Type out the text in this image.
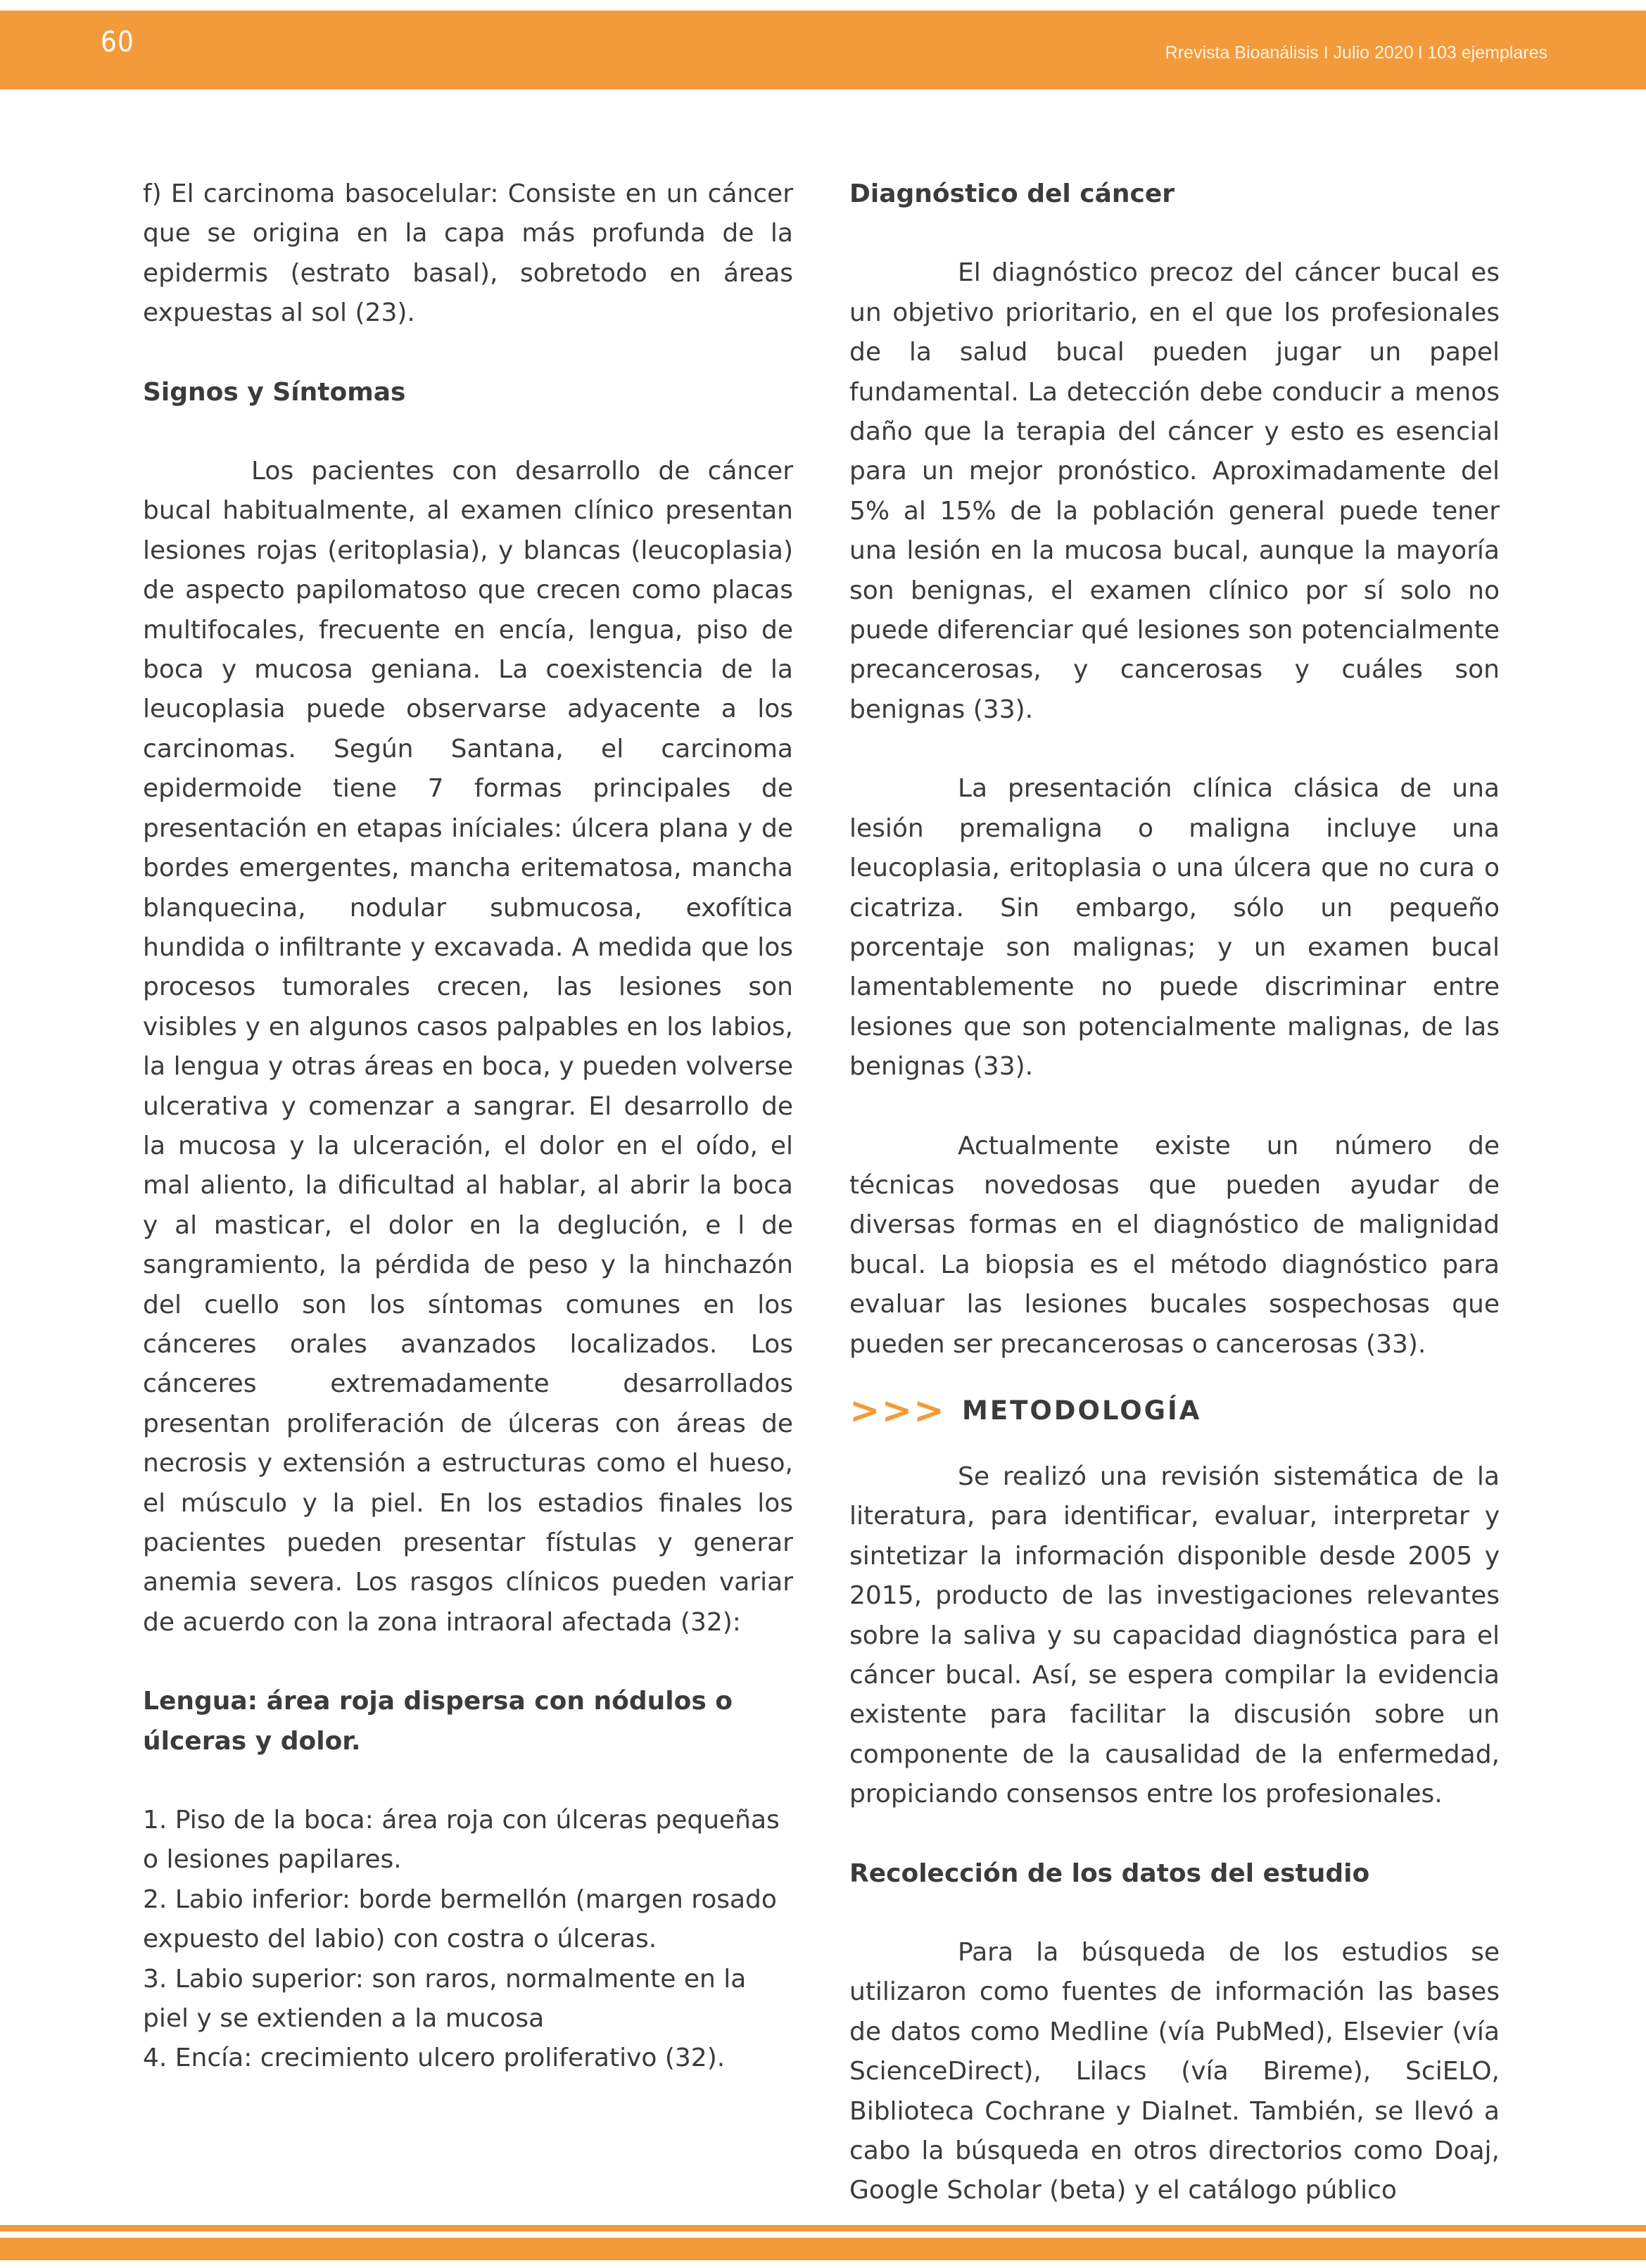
60	Rrevista Bioanálisis I Julio 2020 l 103 ejemplares

f) El carcinoma basocelular: Consiste en un cáncer que se origina en la capa más profunda de la epidermis (estrato basal), sobretodo en áreas expuestas al sol (23).

Signos y Síntomas

Los pacientes con desarrollo de cáncer bucal habitualmente, al examen clínico presentan lesiones rojas (eritoplasia), y blancas (leucoplasia) de aspecto papilomatoso que crecen como placas multifocales, frecuente en encía, lengua, piso de boca y mucosa geniana. La coexistencia de la leucoplasia puede observarse adyacente a los carcinomas. Según Santana, el carcinoma epidermoide tiene 7 formas principales de presentación en etapas iníciales: úlcera plana y de bordes emergentes, mancha eritematosa, mancha blanquecina, nodular submucosa, exofítica hundida o infiltrante y excavada. A medida que los procesos tumorales crecen, las lesiones son visibles y en algunos casos palpables en los labios, la lengua y otras áreas en boca, y pueden volverse ulcerativa y comenzar a sangrar. El desarrollo de la mucosa y la ulceración, el dolor en el oído, el mal aliento, la dificultad al hablar, al abrir la boca y al masticar, el dolor en la deglución, e l de sangramiento, la pérdida de peso y la hinchazón del cuello son los síntomas comunes en los cánceres orales avanzados localizados. Los cánceres extremadamente desarrollados presentan proliferación de úlceras con áreas de necrosis y extensión a estructuras como el hueso, el músculo y la piel. En los estadios finales los pacientes pueden presentar fístulas y generar anemia severa. Los rasgos clínicos pueden variar de acuerdo con la zona intraoral afectada (32):

Lengua: área roja dispersa con nódulos o úlceras y dolor.

1. Piso de la boca: área roja con úlceras pequeñas o lesiones papilares.

2. Labio inferior: borde bermellón (margen rosado expuesto del labio) con costra o úlceras.

3. Labio superior: son raros, normalmente en la piel y se extienden a la mucosa

4. Encía: crecimiento ulcero proliferativo (32).

Diagnóstico del cáncer

El diagnóstico precoz del cáncer bucal es un objetivo prioritario, en el que los profesionales de la salud bucal pueden jugar un papel fundamental. La detección debe conducir a menos daño que la terapia del cáncer y esto es esencial para un mejor pronóstico. Aproximadamente del 5% al 15% de la población general puede tener una lesión en la mucosa bucal, aunque la mayoría son benignas, el examen clínico por sí solo no puede diferenciar qué lesiones son potencialmente precancerosas, y cancerosas y cuáles son benignas (33).

La presentación clínica clásica de una lesión premaligna o maligna incluye una leucoplasia, eritoplasia o una úlcera que no cura o cicatriza. Sin embargo, sólo un pequeño porcentaje son malignas; y un examen bucal lamentablemente no puede discriminar entre lesiones que son potencialmente malignas, de las benignas (33).

Actualmente existe un número de técnicas novedosas que pueden ayudar de diversas formas en el diagnóstico de malignidad bucal. La biopsia es el método diagnóstico para evaluar las lesiones bucales sospechosas que pueden ser precancerosas o cancerosas (33).

>>> METODOLOGÍA

Se realizó una revisión sistemática de la literatura, para identificar, evaluar, interpretar y sintetizar la información disponible desde 2005 y 2015, producto de las investigaciones relevantes sobre la saliva y su capacidad diagnóstica para el cáncer bucal. Así, se espera compilar la evidencia existente para facilitar la discusión sobre un componente de la causalidad de la enfermedad, propiciando consensos entre los profesionales.

Recolección de los datos del estudio

Para la búsqueda de los estudios se utilizaron como fuentes de información las bases de datos como Medline (vía PubMed), Elsevier (vía ScienceDirect), Lilacs (vía Bireme), SciELO, Biblioteca Cochrane y Dialnet. También, se llevó a cabo la búsqueda en otros directorios como Doaj, Google Scholar (beta) y el catálogo público
